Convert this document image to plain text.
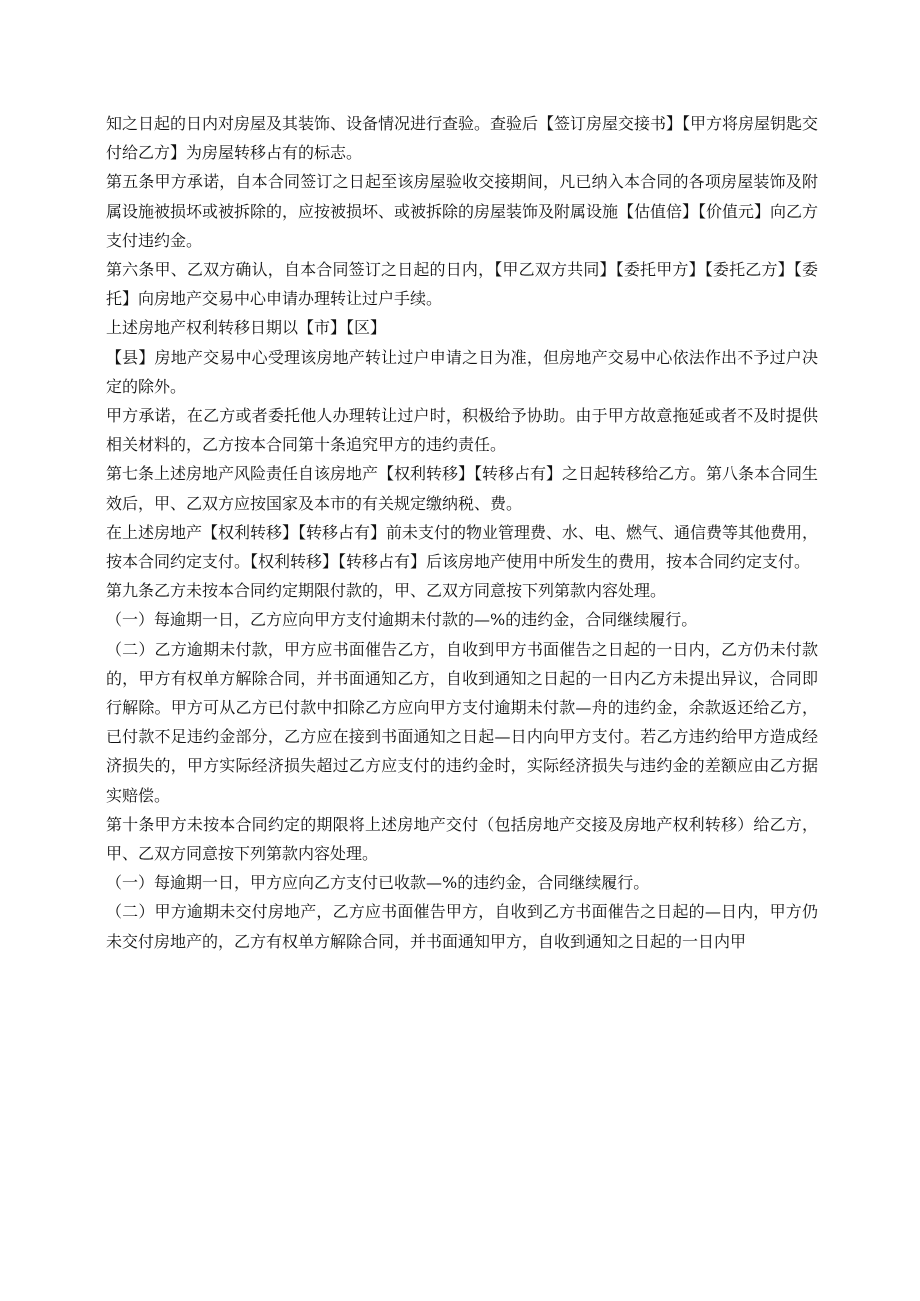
知之日起的日内对房屋及其装饰、设备情况进行查验。查验后【签订房屋交接书】【甲方将房屋钥匙交付给乙方】为房屋转移占有的标志。

第五条甲方承诺，自本合同签订之日起至该房屋验收交接期间，凡已纳入本合同的各项房屋装饰及附属设施被损坏或被拆除的，应按被损坏、或被拆除的房屋装饰及附属设施【估值倍】【价值元】向乙方支付违约金。

第六条甲、乙双方确认，自本合同签订之日起的日内，【甲乙双方共同】【委托甲方】【委托乙方】【委托】向房地产交易中心申请办理转让过户手续。

上述房地产权利转移日期以【市】【区】

【县】房地产交易中心受理该房地产转让过户申请之日为准，但房地产交易中心依法作出不予过户决定的除外。

甲方承诺，在乙方或者委托他人办理转让过户时，积极给予协助。由于甲方故意拖延或者不及时提供相关材料的，乙方按本合同第十条追究甲方的违约责任。

第七条上述房地产风险责任自该房地产【权利转移】【转移占有】之日起转移给乙方。第八条本合同生效后，甲、乙双方应按国家及本市的有关规定缴纳税、费。

在上述房地产【权利转移】【转移占有】前未支付的物业管理费、水、电、燃气、通信费等其他费用，按本合同约定支付。【权利转移】【转移占有】后该房地产使用中所发生的费用，按本合同约定支付。

第九条乙方未按本合同约定期限付款的，甲、乙双方同意按下列第款内容处理。

（一）每逾期一日，乙方应向甲方支付逾期未付款的—%的违约金，合同继续履行。

（二）乙方逾期未付款，甲方应书面催告乙方，自收到甲方书面催告之日起的一日内，乙方仍未付款的，甲方有权单方解除合同，并书面通知乙方，自收到通知之日起的一日内乙方未提出异议，合同即行解除。甲方可从乙方已付款中扣除乙方应向甲方支付逾期未付款—舟的违约金，余款返还给乙方，已付款不足违约金部分，乙方应在接到书面通知之日起—日内向甲方支付。若乙方违约给甲方造成经济损失的，甲方实际经济损失超过乙方应支付的违约金时，实际经济损失与违约金的差额应由乙方据实赔偿。

第十条甲方未按本合同约定的期限将上述房地产交付（包括房地产交接及房地产权利转移）给乙方，甲、乙双方同意按下列第款内容处理。

（一）每逾期一日，甲方应向乙方支付已收款—%的违约金，合同继续履行。

（二）甲方逾期未交付房地产，乙方应书面催告甲方，自收到乙方书面催告之日起的—日内，甲方仍未交付房地产的，乙方有权单方解除合同，并书面通知甲方，自收到通知之日起的一日内甲
